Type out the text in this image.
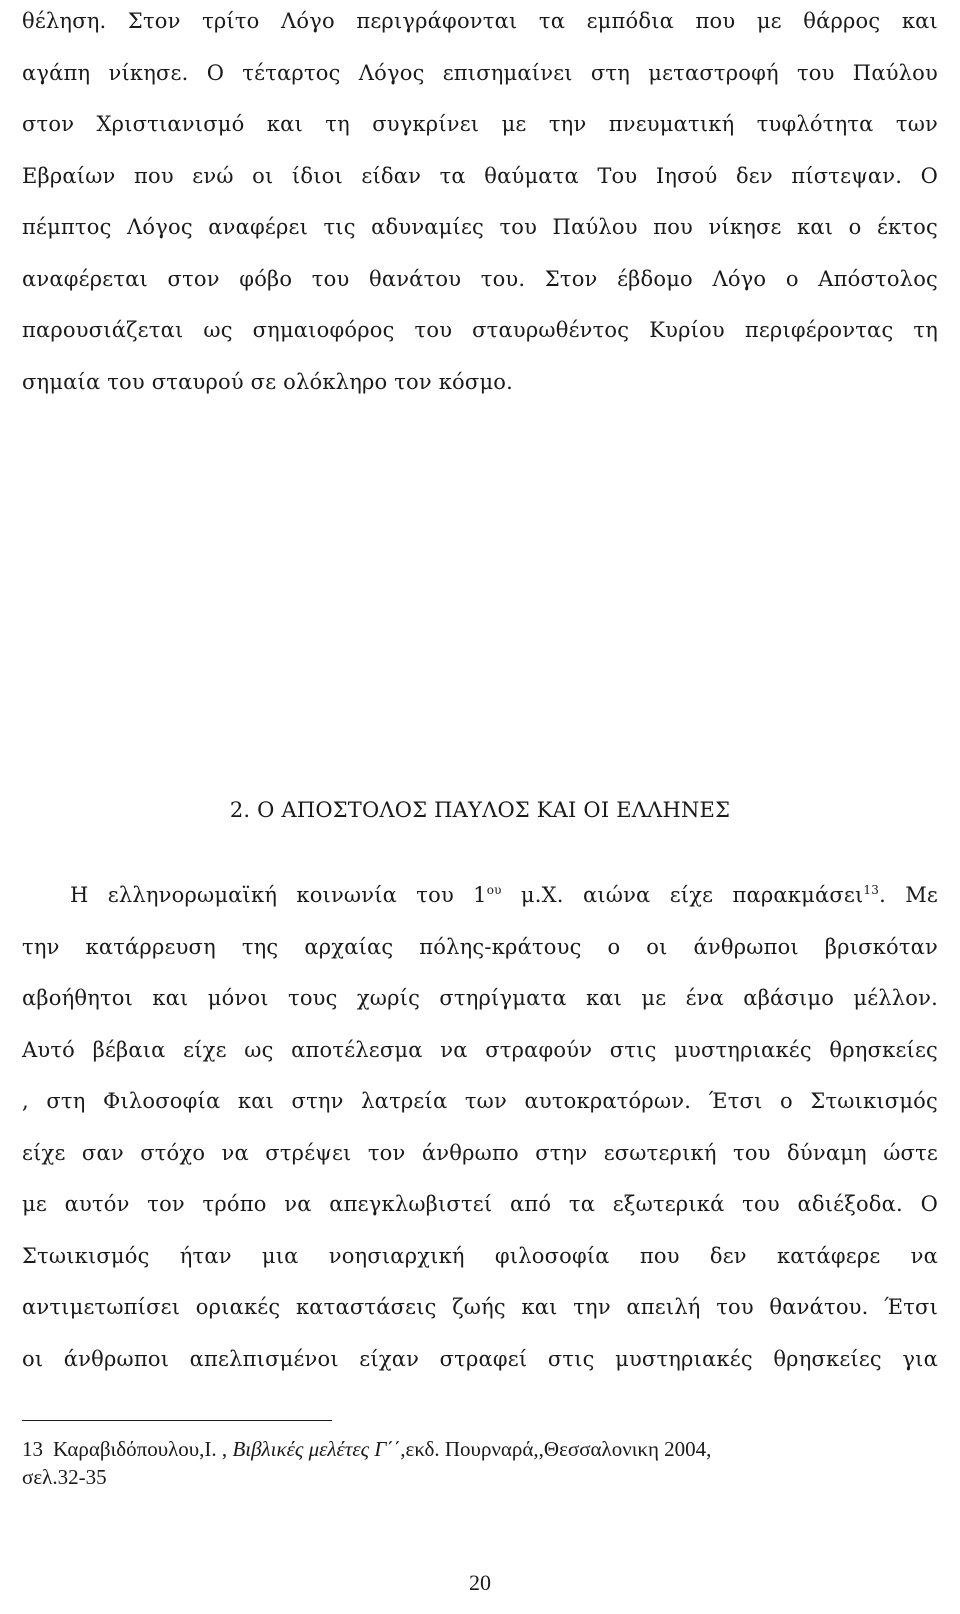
θέληση. Στον τρίτο Λόγο περιγράφονται τα εμπόδια που με θάρρος και
αγάπη νίκησε. Ο τέταρτος Λόγος επισημαίνει στη μεταστροφή του Παύλου
στον Χριστιανισμό και τη συγκρίνει με την πνευματική τυφλότητα των
Εβραίων που ενώ οι ίδιοι είδαν τα θαύματα Του Ιησού δεν πίστεψαν. Ο
πέμπτος Λόγος αναφέρει τις αδυναμίες του Παύλου που νίκησε και ο έκτος
αναφέρεται στον φόβο του θανάτου του. Στον έβδομο Λόγο ο Απόστολος
παρουσιάζεται ως σημαιοφόρος του σταυρωθέντος Κυρίου περιφέροντας τη
σημαία του σταυρού σε ολόκληρο τον κόσμο.
2. Ο ΑΠΟΣΤΟΛΟΣ ΠΑΥΛΟΣ ΚΑΙ ΟΙ ΕΛΛΗΝΕΣ
Η ελληνορωμαϊκή κοινωνία του $1^{o\upsilon}$ μ.Χ. αιώνα είχε παρακμάσει$^{13}$. Με
την κατάρρευση της αρχαίας πόλης-κράτους ο οι άνθρωποι βρισκόταν
αβοήθητοι και μόνοι τους χωρίς στηρίγματα και με ένα αβάσιμο μέλλον.
Αυτό βέβαια είχε ως αποτέλεσμα να στραφούν στις μυστηριακές θρησκείες
, στη Φιλοσοφία και στην λατρεία των αυτοκρατόρων. Έτσι ο Στωικισμός
είχε σαν στόχο να στρέψει τον άνθρωπο στην εσωτερική του δύναμη ώστε
με αυτόν τον τρόπο να απεγκλωβιστεί από τα εξωτερικά του αδιέξοδα. Ο
Στωικισμός ήταν μια νοησιαρχική φιλοσοφία που δεν κατάφερε να
αντιμετωπίσει οριακές καταστάσεις ζωής και την απειλή του θανάτου. Έτσι
οι άνθρωποι απελπισμένοι είχαν στραφεί στις μυστηριακές θρησκείες για
13 Καραβιδόπουλου,Ι. , Βιβλικές μελέτες Γ΄΄,εκδ. Πουρναρά,,Θεσσαλονικη 2004,
σελ.32-35
20
